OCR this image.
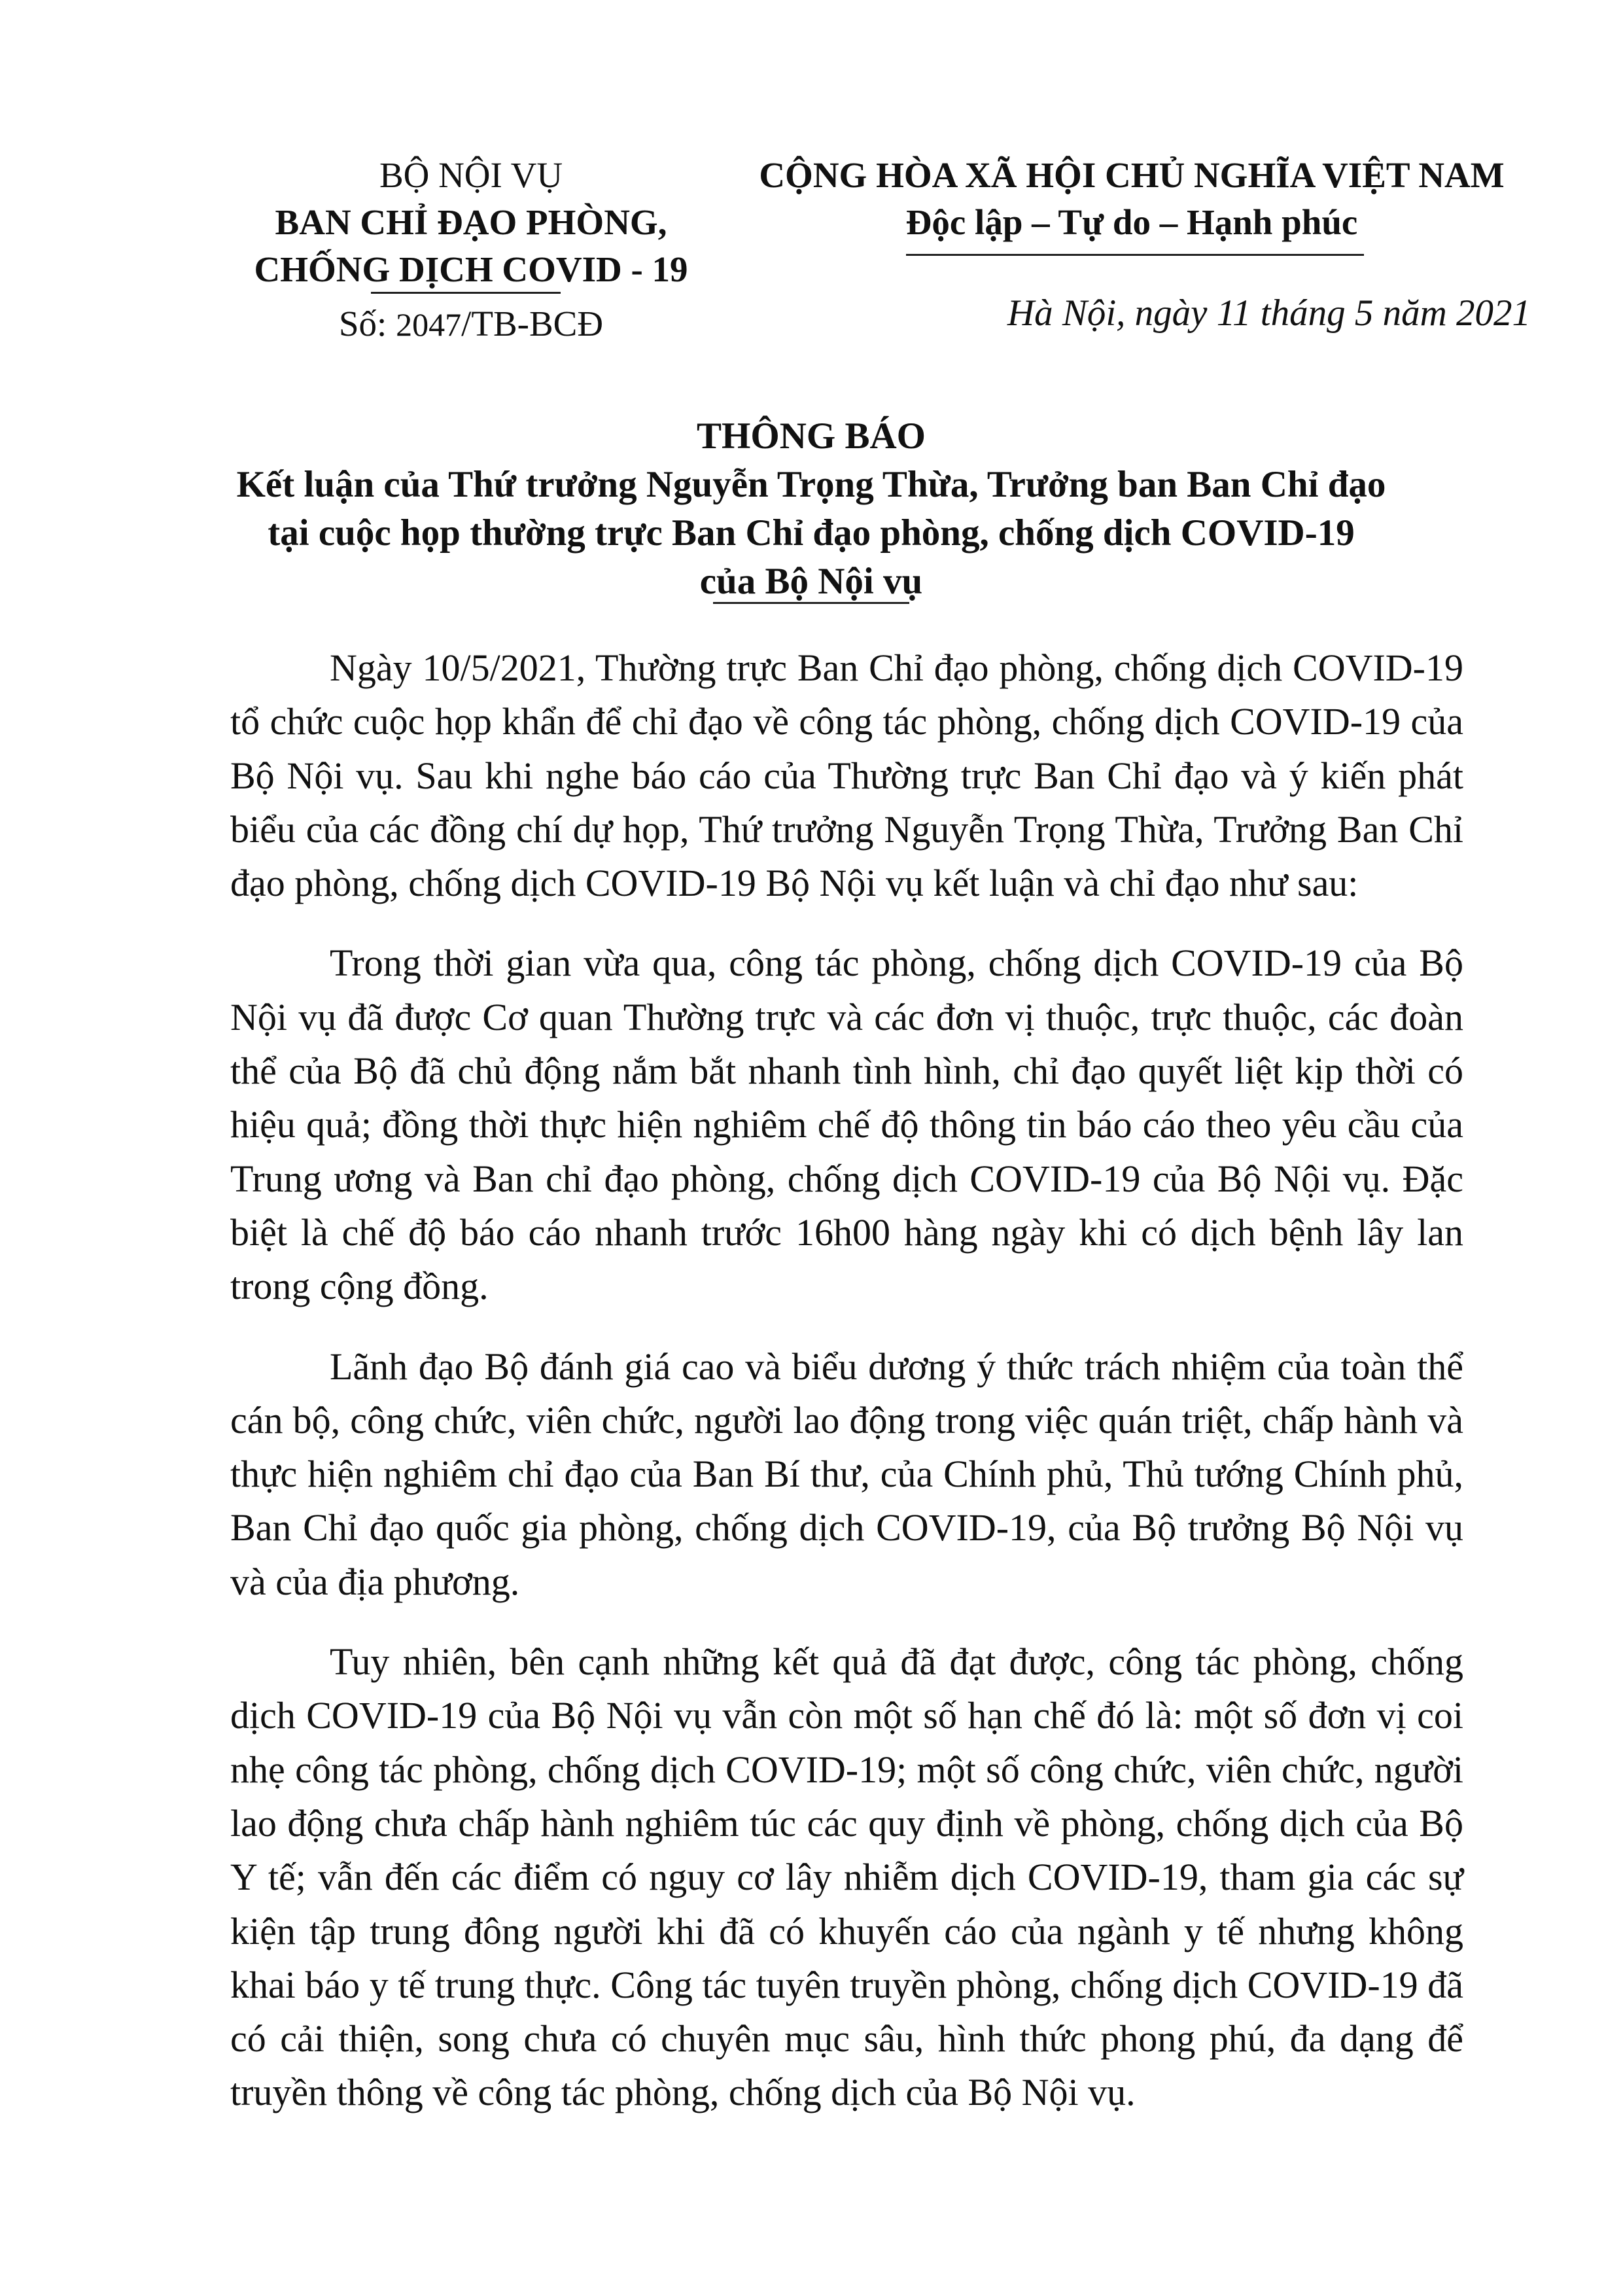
BỘ NỘI VỤ
BAN CHỈ ĐẠO PHÒNG,
CHỐNG DỊCH COVID - 19
Số: 2047/TB-BCĐ
CỘNG HÒA XÃ HỘI CHỦ NGHĨA VIỆT NAM
Độc lập – Tự do – Hạnh phúc
Hà Nội, ngày 11 tháng 5 năm 2021
THÔNG BÁO
Kết luận của Thứ trưởng Nguyễn Trọng Thừa, Trưởng ban Ban Chỉ đạo
tại cuộc họp thường trực Ban Chỉ đạo phòng, chống dịch COVID-19
của Bộ Nội vụ

Ngày 10/5/2021, Thường trực Ban Chỉ đạo phòng, chống dịch COVID-19 tổ chức cuộc họp khẩn để chỉ đạo về công tác phòng, chống dịch COVID-19 của Bộ Nội vụ. Sau khi nghe báo cáo của Thường trực Ban Chỉ đạo và ý kiến phát biểu của các đồng chí dự họp, Thứ trưởng Nguyễn Trọng Thừa, Trưởng Ban Chỉ đạo phòng, chống dịch COVID-19 Bộ Nội vụ kết luận và chỉ đạo như sau:

Trong thời gian vừa qua, công tác phòng, chống dịch COVID-19 của Bộ Nội vụ đã được Cơ quan Thường trực và các đơn vị thuộc, trực thuộc, các đoàn thể của Bộ đã chủ động nắm bắt nhanh tình hình, chỉ đạo quyết liệt kịp thời có hiệu quả; đồng thời thực hiện nghiêm chế độ thông tin báo cáo theo yêu cầu của Trung ương và Ban chỉ đạo phòng, chống dịch COVID-19 của Bộ Nội vụ. Đặc biệt là chế độ báo cáo nhanh trước 16h00 hàng ngày khi có dịch bệnh lây lan trong cộng đồng.

Lãnh đạo Bộ đánh giá cao và biểu dương ý thức trách nhiệm của toàn thể cán bộ, công chức, viên chức, người lao động trong việc quán triệt, chấp hành và thực hiện nghiêm chỉ đạo của Ban Bí thư, của Chính phủ, Thủ tướng Chính phủ, Ban Chỉ đạo quốc gia phòng, chống dịch COVID-19, của Bộ trưởng Bộ Nội vụ và của địa phương.

Tuy nhiên, bên cạnh những kết quả đã đạt được, công tác phòng, chống dịch COVID-19 của Bộ Nội vụ vẫn còn một số hạn chế đó là: một số đơn vị coi nhẹ công tác phòng, chống dịch COVID-19; một số công chức, viên chức, người lao động chưa chấp hành nghiêm túc các quy định về phòng, chống dịch của Bộ Y tế; vẫn đến các điểm có nguy cơ lây nhiễm dịch COVID-19, tham gia các sự kiện tập trung đông người khi đã có khuyến cáo của ngành y tế nhưng không khai báo y tế trung thực. Công tác tuyên truyền phòng, chống dịch COVID-19 đã có cải thiện, song chưa có chuyên mục sâu, hình thức phong phú, đa dạng để truyền thông về công tác phòng, chống dịch của Bộ Nội vụ.
